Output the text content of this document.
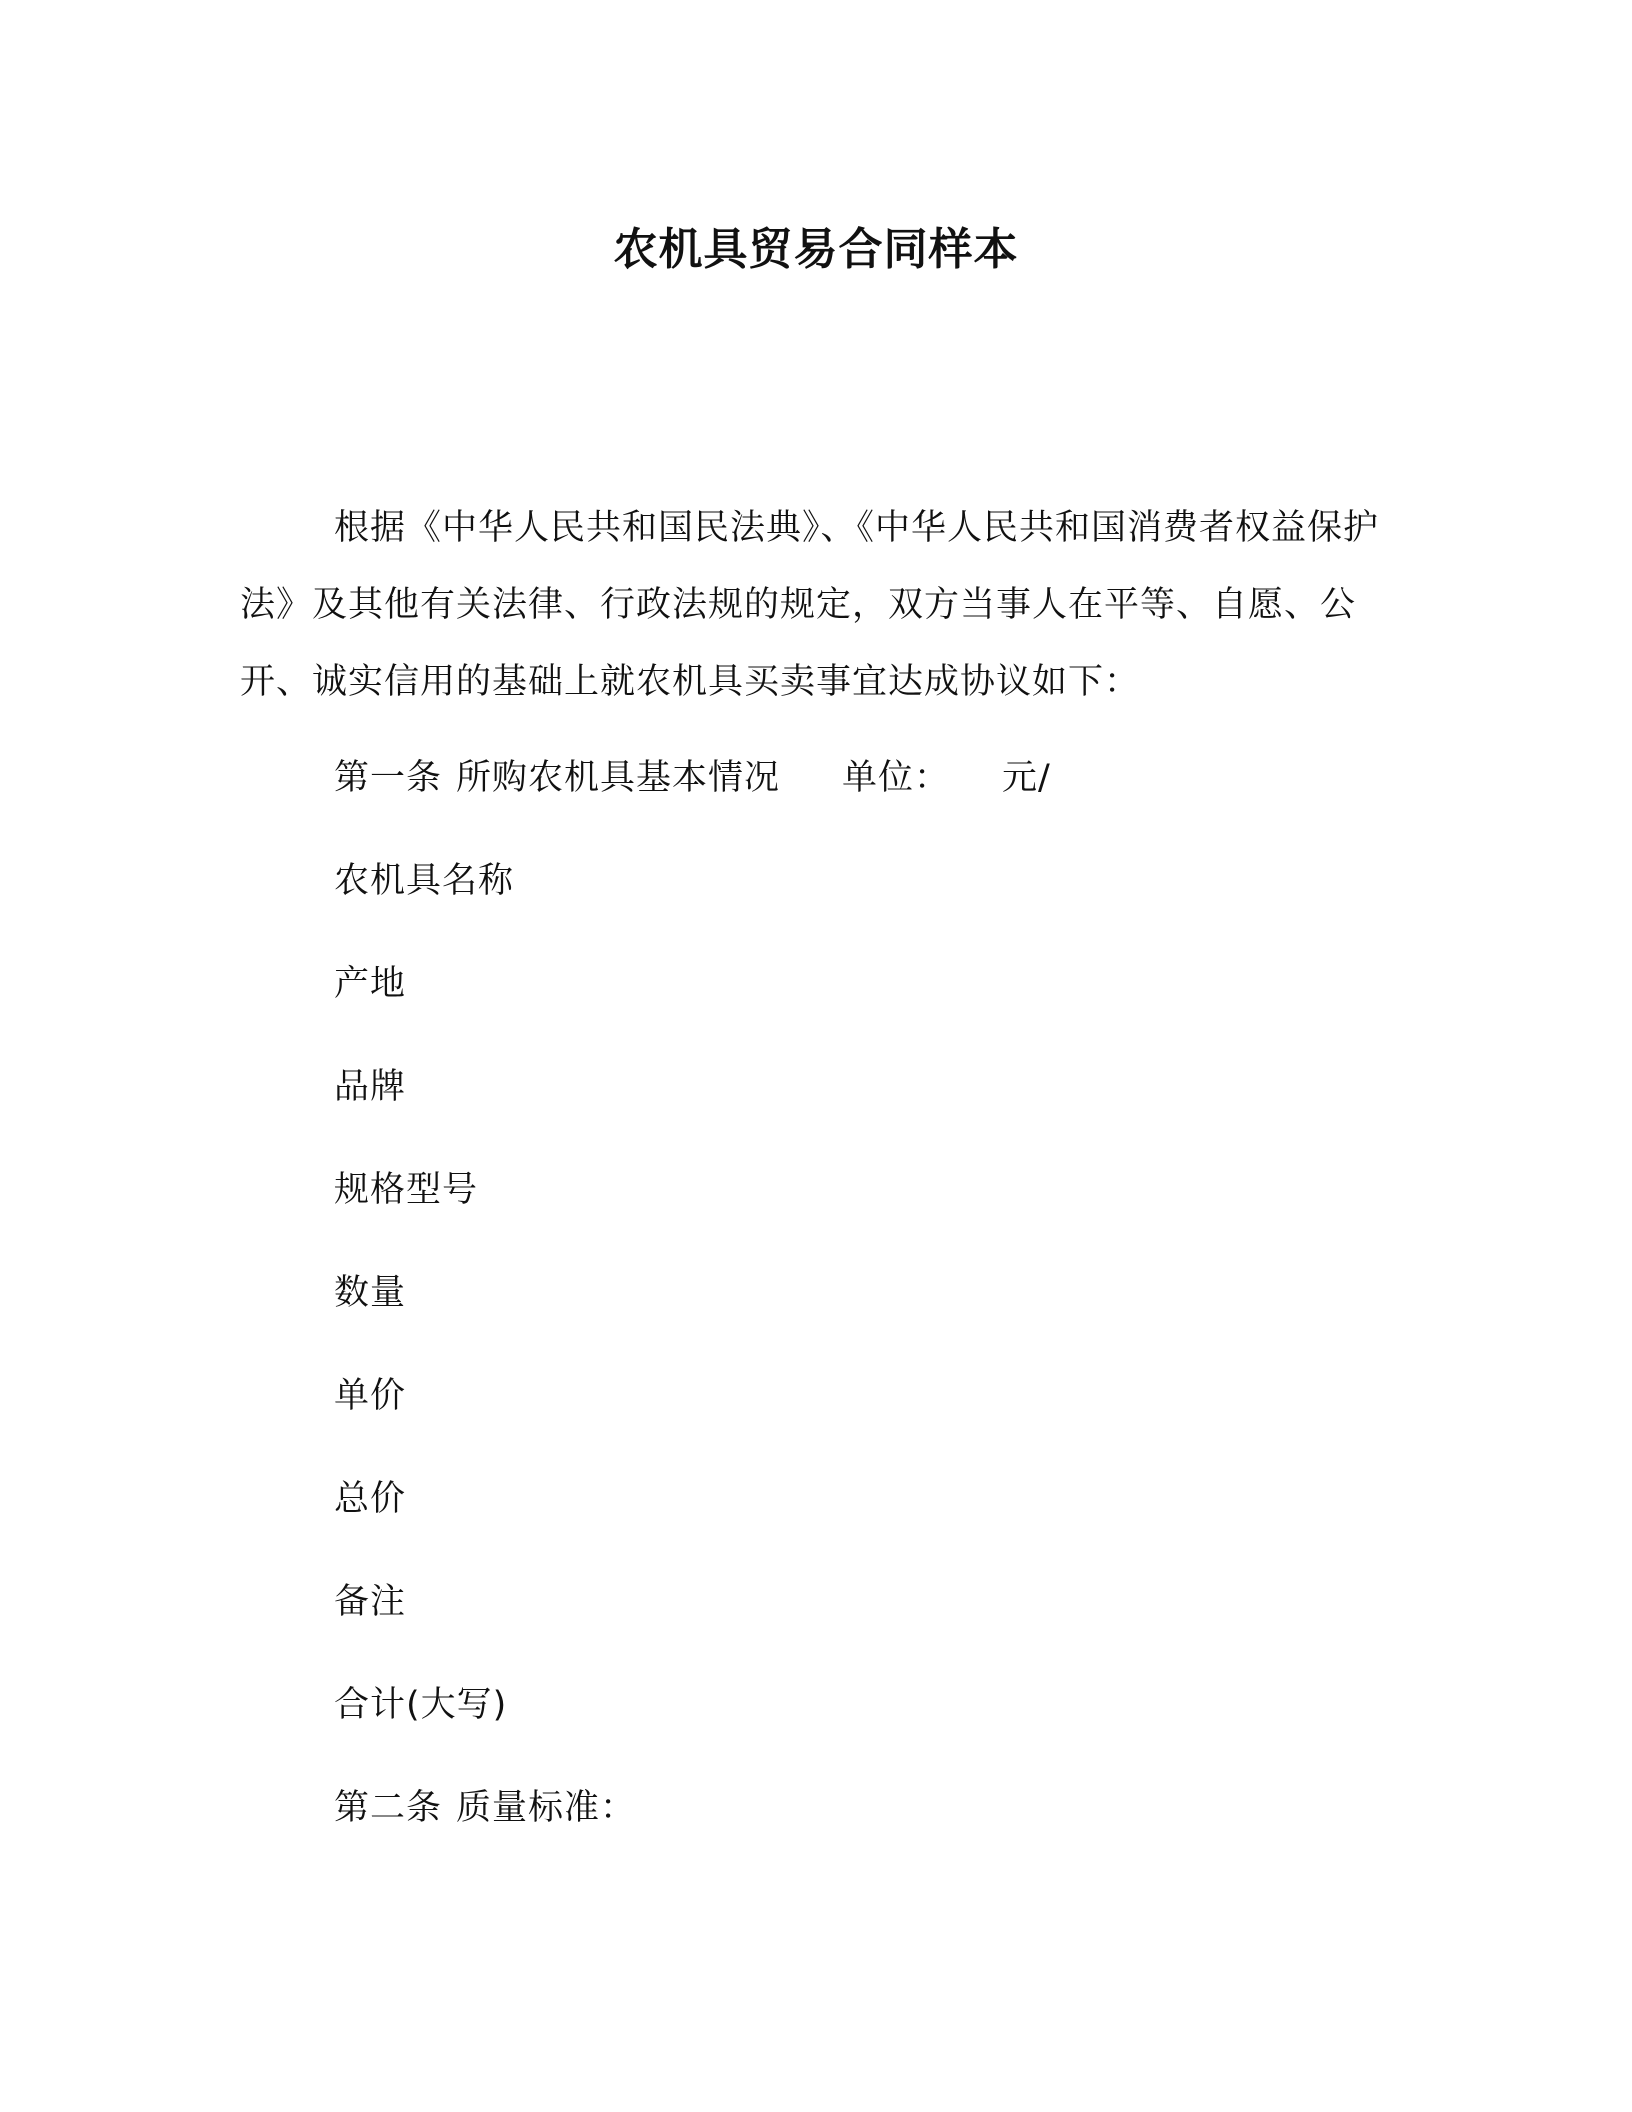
农机具贸易合同样本

根据《中华人民共和国民法典》、《中华人民共和国消费者权益保护法》及其他有关法律、行政法规的规定，双方当事人在平等、自愿、公开、诚实信用的基础上就农机具买卖事宜达成协议如下：

第一条 所购农机具基本情况 单位： 元/

农机具名称

产地

品牌

规格型号

数量

单价

总价

备注

合计(大写)

第二条 质量标准：
